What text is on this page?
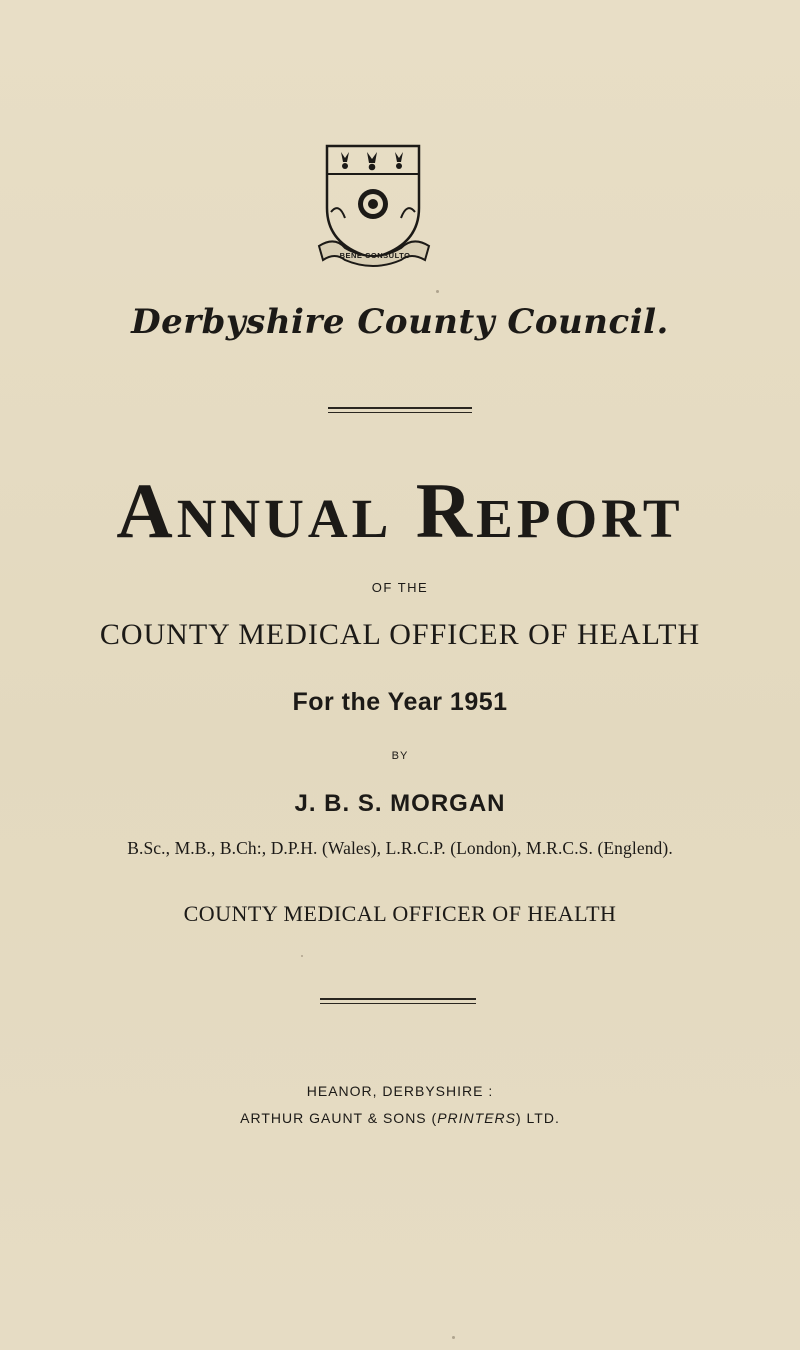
BENE CONSULTO
Derbyshire County Council.
Annual Report
OF THE
COUNTY MEDICAL OFFICER OF HEALTH
For the Year 1951
BY
J. B. S. MORGAN
B.Sc., M.B., B.Ch:, D.P.H. (Wales), L.R.C.P. (London), M.R.C.S. (Englend).
COUNTY MEDICAL OFFICER OF HEALTH
HEANOR, DERBYSHIRE :
ARTHUR GAUNT & SONS (PRINTERS) LTD.
